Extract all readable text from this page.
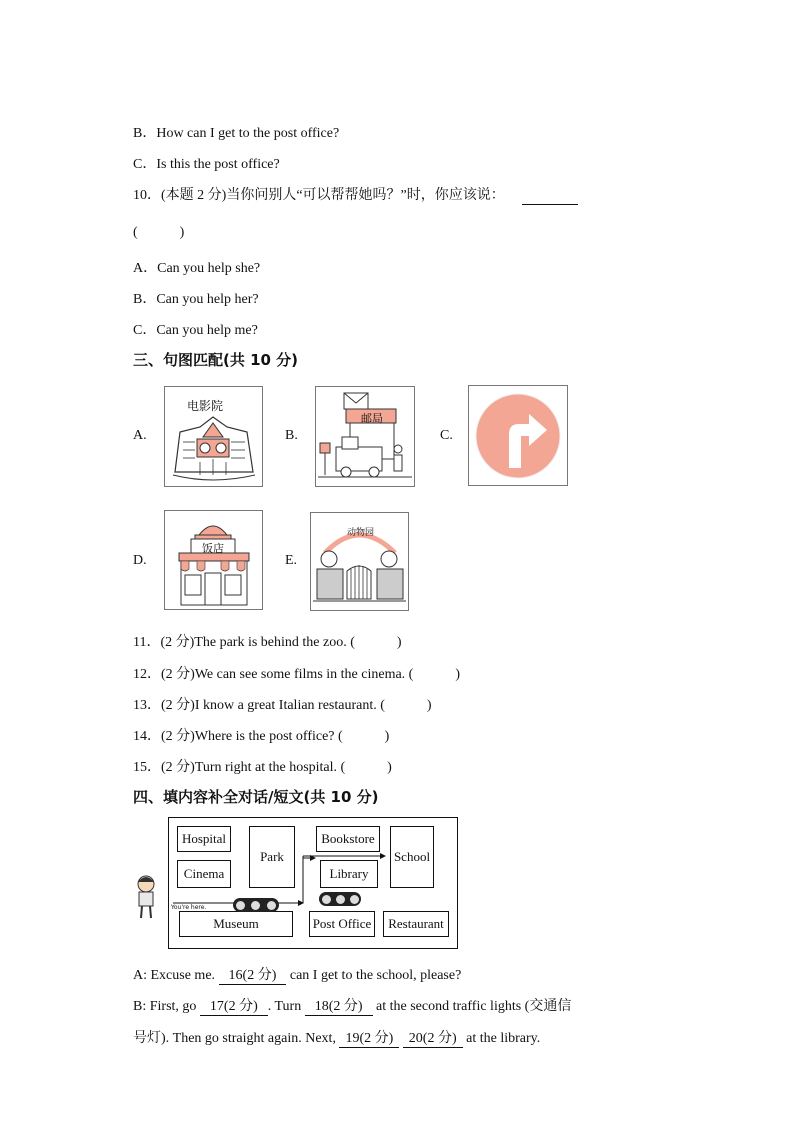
B．How can I get to the post office?
C．Is this the post office?
10．(本题 2 分)当你问别人“可以帮帮她吗？”时，你应该说：
(　　　)
A．Can you help she?
B．Can you help her?
C．Can you help me?
三、句图匹配(共 10 分)
A.
电影院
B.
邮局
C.
D.
饭店
E.
动物园
11．(2 分)The park is behind the zoo. (　　　)
12．(2 分)We can see some films in the cinema. (　　　)
13．(2 分)I know a great Italian restaurant. (　　　)
14．(2 分)Where is the post office? (　　　)
15．(2 分)Turn right at the hospital. (　　　)
四、填内容补全对话/短文(共 10 分)
Hospital
Cinema
Park
Bookstore
Library
School
Museum	Post Office	Restaurant
You're here.
A: Excuse me. 16(2 分) can I get to the school, please?
B: First, go 17(2 分) . Turn 18(2 分) at the second traffic lights (交通信
号灯). Then go straight again. Next, 19(2 分) 20(2 分) at the library.
